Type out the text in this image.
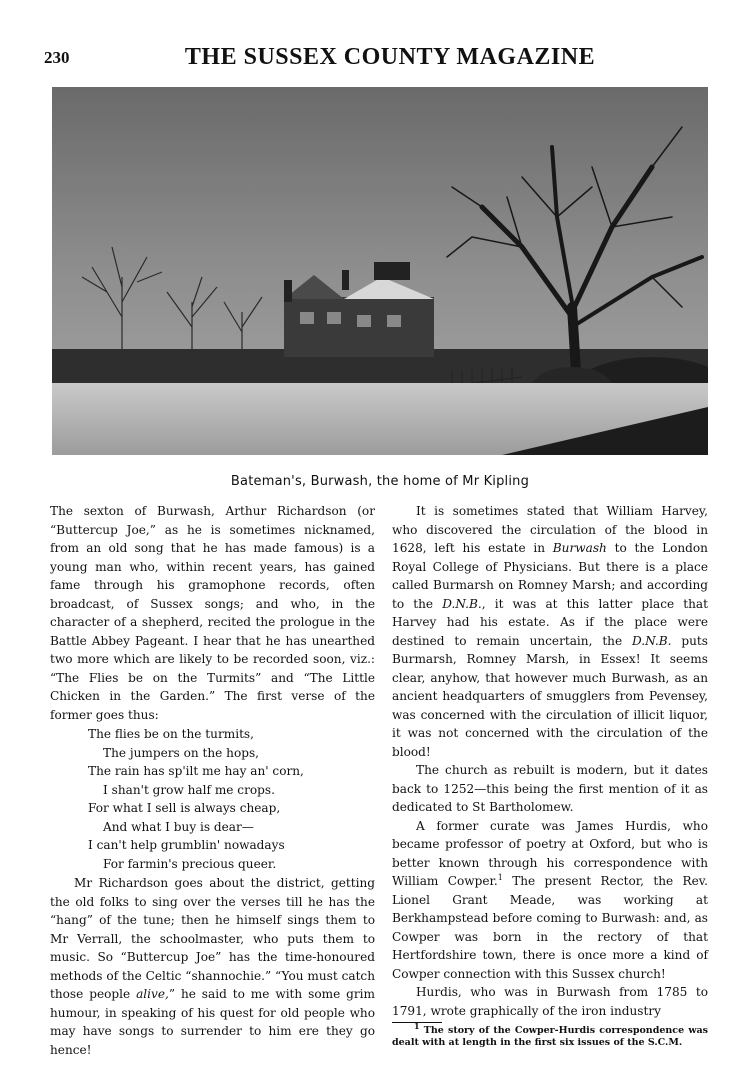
230	THE SUSSEX COUNTY MAGAZINE
Bateman's, Burwash, the home of Mr Kipling

The sexton of Burwash, Arthur Richardson (or “Buttercup Joe,” as he is sometimes nicknamed, from an old song that he has made famous) is a young man who, within recent years, has gained fame through his gramophone records, often broadcast, of Sussex songs; and who, in the character of a shepherd, recited the prologue in the Battle Abbey Pageant. I hear that he has unearthed two more which are likely to be recorded soon, viz.: “The Flies be on the Turmits” and “The Little Chicken in the Garden.” The first verse of the former goes thus:

The flies be on the turmits,
The jumpers on the hops,
The rain has sp'ilt me hay an' corn,
I shan't grow half me crops.
For what I sell is always cheap,
And what I buy is dear—
I can't help grumblin' nowadays
For farmin's precious queer.

Mr Richardson goes about the district, getting the old folks to sing over the verses till he has the “hang” of the tune; then he himself sings them to Mr Verrall, the schoolmaster, who puts them to music. So “Buttercup Joe” has the time-honoured methods of the Celtic “shannochie.” “You must catch those people alive,” he said to me with some grim humour, in speaking of his quest for old people who may have songs to surrender to him ere they go hence!

It is sometimes stated that William Harvey, who discovered the circulation of the blood in 1628, left his estate in Burwash to the London Royal College of Physicians. But there is a place called Burmarsh on Romney Marsh; and according to the D.N.B., it was at this latter place that Harvey had his estate. As if the place were destined to remain uncertain, the D.N.B. puts Burmarsh, Romney Marsh, in Essex! It seems clear, anyhow, that however much Burwash, as an ancient headquarters of smugglers from Pevensey, was concerned with the circulation of illicit liquor, it was not concerned with the circulation of the blood!

The church as rebuilt is modern, but it dates back to 1252—this being the first mention of it as dedicated to St Bartholomew.

A former curate was James Hurdis, who became professor of poetry at Oxford, but who is better known through his correspondence with William Cowper.$^1$ The present Rector, the Rev. Lionel Grant Meade, was working at Berkhampstead before coming to Burwash: and, as Cowper was born in the rectory of that Hertfordshire town, there is once more a kind of Cowper connection with this Sussex church!

Hurdis, who was in Burwash from 1785 to 1791, wrote graphically of the iron industry

$^1$ The story of the Cowper-Hurdis correspondence was dealt with at length in the first six issues of the S.C.M.
